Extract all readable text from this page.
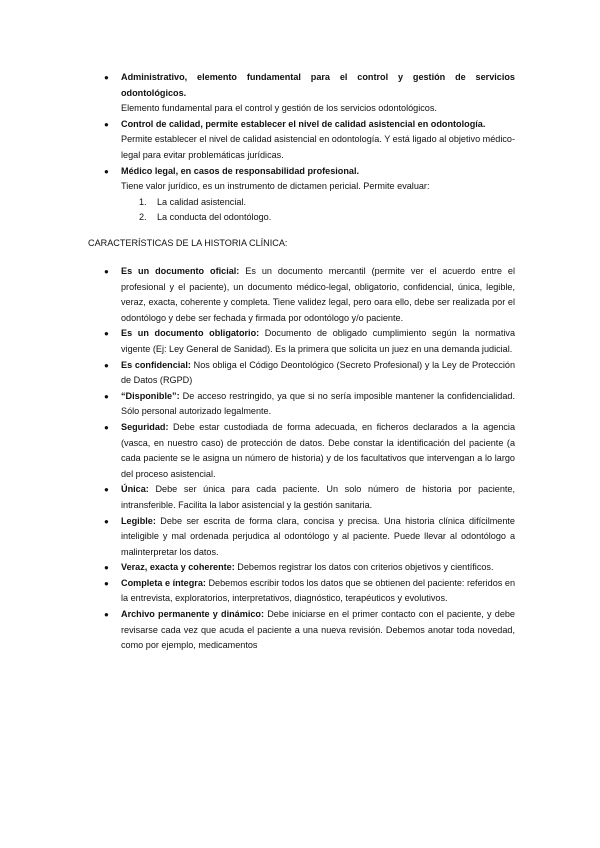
● Administrativo, elemento fundamental para el control y gestión de servicios odontológicos.
Elemento fundamental para el control y gestión de los servicios odontológicos.
● Control de calidad, permite establecer el nivel de calidad asistencial en odontología.
Permite establecer el nivel de calidad asistencial en odontología. Y está ligado al objetivo médico-legal para evitar problemáticas jurídicas.
● Médico legal, en casos de responsabilidad profesional.
Tiene valor jurídico, es un instrumento de dictamen pericial. Permite evaluar:
1. La calidad asistencial.
2. La conducta del odontólogo.
CARACTERÍSTICAS DE LA HISTORIA CLÍNICA:
● Es un documento oficial: Es un documento mercantil (permite ver el acuerdo entre el profesional y el paciente), un documento médico-legal, obligatorio, confidencial, única, legible, veraz, exacta, coherente y completa. Tiene validez legal, pero oara ello, debe ser realizada por el odontólogo y debe ser fechada y firmada por odontólogo y/o paciente.
● Es un documento obligatorio: Documento de obligado cumplimiento según la normativa vigente (Ej: Ley General de Sanidad). Es la primera que solicita un juez en una demanda judicial.
● Es confidencial: Nos obliga el Código Deontológico (Secreto Profesional) y la Ley de Protección de Datos (RGPD)
● “Disponible”: De acceso restringido, ya que si no sería imposible mantener la confidencialidad. Sólo personal autorizado legalmente.
● Seguridad: Debe estar custodiada de forma adecuada, en ficheros declarados a la agencia (vasca, en nuestro caso) de protección de datos. Debe constar la identificación del paciente (a cada paciente se le asigna un número de historia) y de los facultativos que intervengan a lo largo del proceso asistencial.
● Única: Debe ser única para cada paciente. Un solo número de historia por paciente, intransferible. Facilita la labor asistencial y la gestión sanitaria.
● Legible: Debe ser escrita de forma clara, concisa y precisa. Una historia clínica difícilmente inteligible y mal ordenada perjudica al odontólogo y al paciente. Puede llevar al odontólogo a malinterpretar los datos.
● Veraz, exacta y coherente: Debemos registrar los datos con criterios objetivos y científicos.
● Completa e íntegra: Debemos escribir todos los datos que se obtienen del paciente: referidos en la entrevista, exploratorios, interpretativos, diagnóstico, terapéuticos y evolutivos.
● Archivo permanente y dinámico: Debe iniciarse en el primer contacto con el paciente, y debe revisarse cada vez que acuda el paciente a una nueva revisión. Debemos anotar toda novedad, como por ejemplo, medicamentos
